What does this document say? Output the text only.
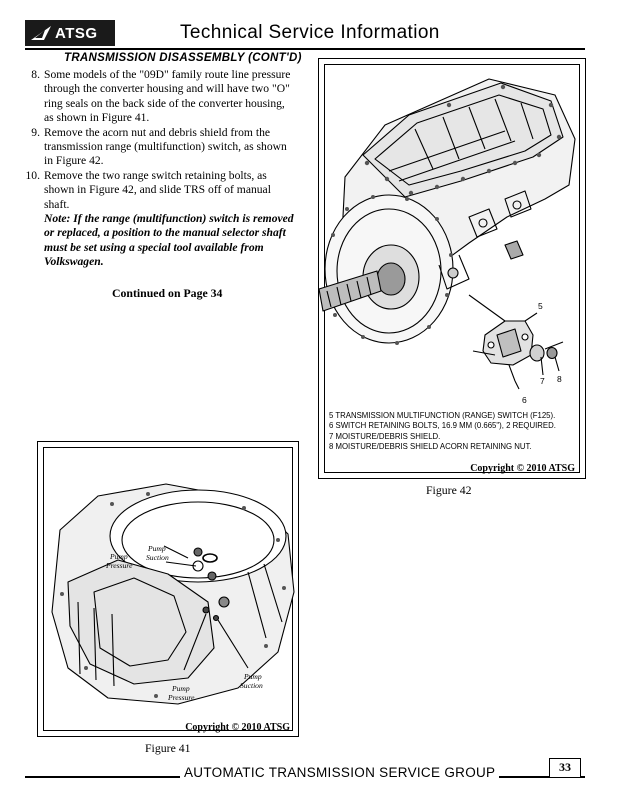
ATSG	Technical Service Information
TRANSMISSION DISASSEMBLY (CONT'D)
8. Some models of the "09D" family route line pressure through the converter housing and will have two "O" ring seals on the back side of the converter housing, as shown in Figure 41.
9. Remove the acorn nut and debris shield from the transmission range (multifunction) switch, as shown in Figure 42.
10. Remove the two range switch retaining bolts, as shown in Figure 42, and slide TRS off of manual shaft.
Note: If the range (multifunction) switch is removed or replaced, a position to the manual selector shaft must be set using a special tool available from Volkswagen.
Continued on Page 34
5
6
7 8
5 TRANSMISSION MULTIFUNCTION (RANGE) SWITCH (F125).
6 SWITCH RETAINING BOLTS, 16.9 MM (0.665"), 2 REQUIRED.
7 MOISTURE/DEBRIS SHIELD.
8 MOISTURE/DEBRIS SHIELD ACORN RETAINING NUT.
Copyright © 2010 ATSG
Figure 42
Pump
Suction
Pump
Pressure
Pump
Pressure
Pump
Suction
Copyright © 2010 ATSG
Figure 41
AUTOMATIC TRANSMISSION SERVICE GROUP	33
